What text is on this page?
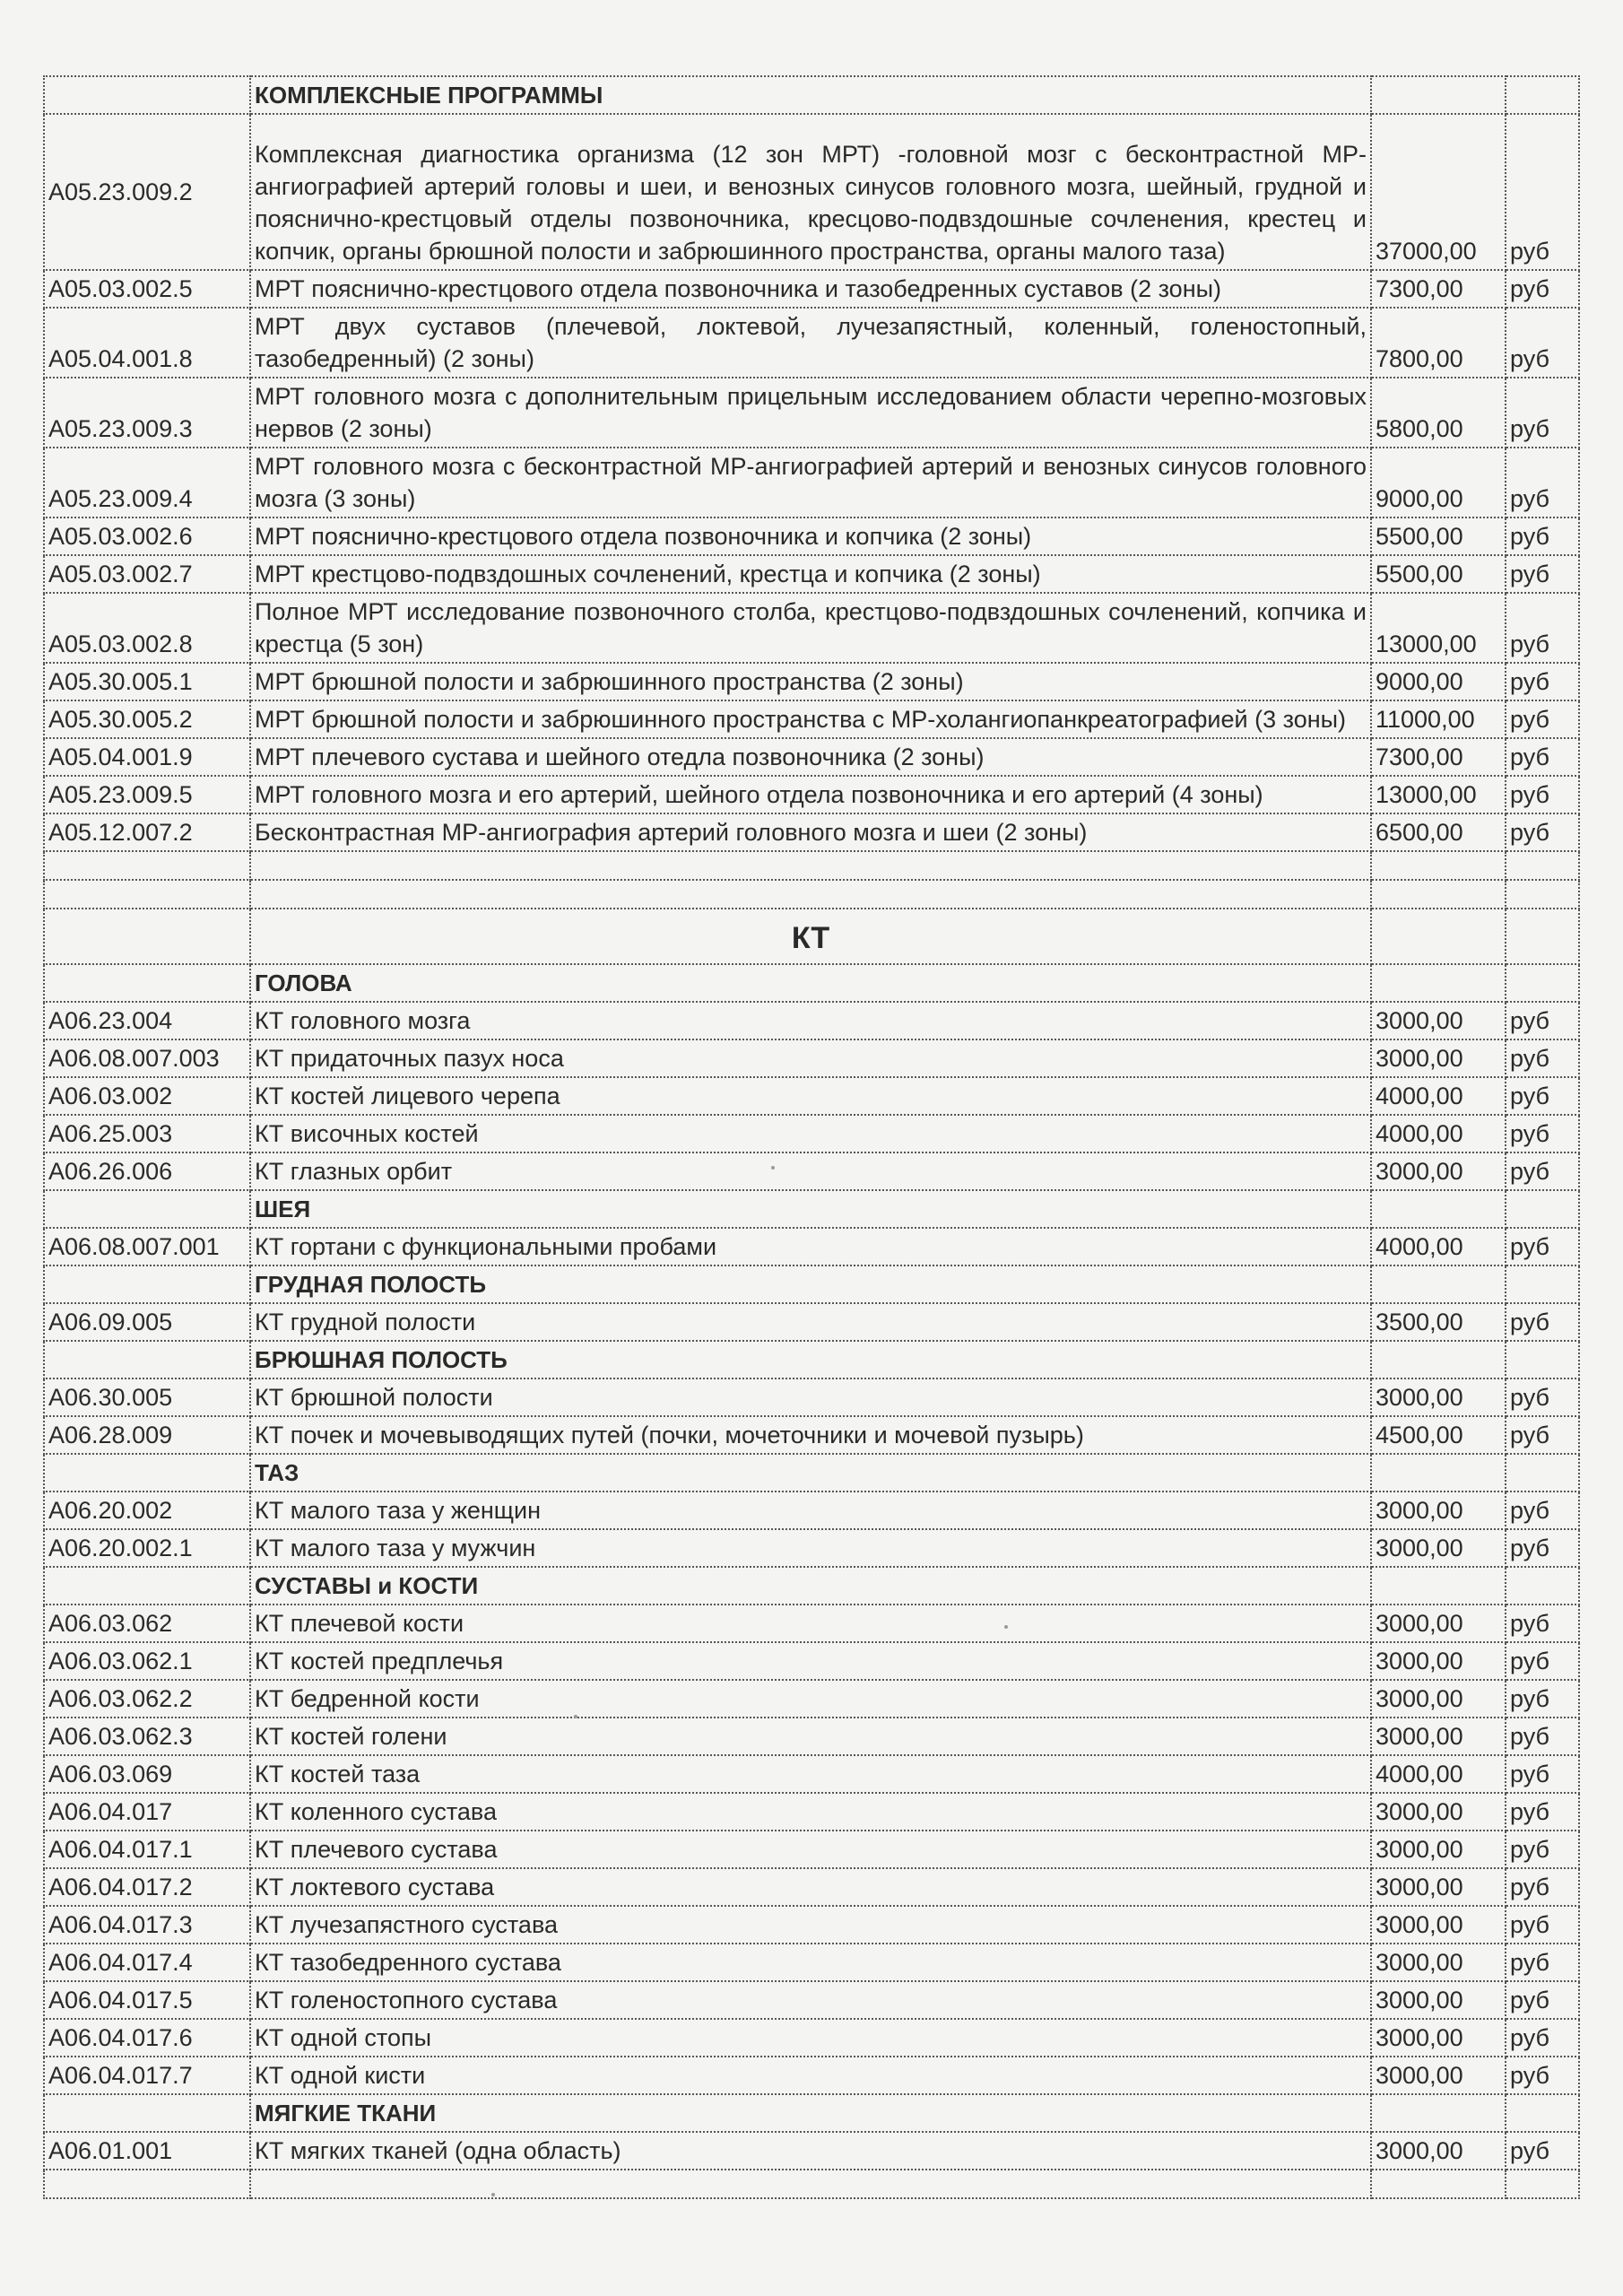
	КОМПЛЕКСНЫЕ ПРОГРАММЫ		
A05.23.009.2	Комплексная диагностика организма (12 зон МРТ) -головной мозг с бесконтрастной МР-ангиографией артерий головы и шеи, и венозных синусов головного мозга, шейный, грудной и пояснично-крестцовый отделы позвоночника, кресцово-подвздошные сочленения, крестец и копчик, органы брюшной полости и забрюшинного пространства, органы малого таза)	37000,00	руб
A05.03.002.5	МРТ пояснично-крестцового отдела позвоночника и тазобедренных суставов (2 зоны)	7300,00	руб
A05.04.001.8	МРТ двух суставов (плечевой, локтевой, лучезапястный, коленный, голеностопный, тазобедренный) (2 зоны)	7800,00	руб
A05.23.009.3	МРТ головного мозга с дополнительным прицельным исследованием области черепно-мозговых нервов (2 зоны)	5800,00	руб
A05.23.009.4	МРТ головного мозга с бесконтрастной МР-ангиографией артерий и венозных синусов головного мозга (3 зоны)	9000,00	руб
A05.03.002.6	МРТ пояснично-крестцового отдела позвоночника и копчика (2 зоны)	5500,00	руб
A05.03.002.7	МРТ крестцово-подвздошных сочленений, крестца и копчика (2 зоны)	5500,00	руб
A05.03.002.8	Полное МРТ исследование позвоночного столба, крестцово-подвздошных сочленений, копчика и крестца (5 зон)	13000,00	руб
A05.30.005.1	МРТ брюшной полости и забрюшинного пространства (2 зоны)	9000,00	руб
A05.30.005.2	МРТ брюшной полости и забрюшинного пространства с МР-холангиопанкреатографией (3 зоны)	11000,00	руб
A05.04.001.9	МРТ плечевого сустава и шейного отедла позвоночника (2 зоны)	7300,00	руб
A05.23.009.5	МРТ головного мозга и его артерий, шейного отдела позвоночника и его артерий (4 зоны)	13000,00	руб
A05.12.007.2	Бесконтрастная МР-ангиография артерий головного мозга и шеи (2 зоны)	6500,00	руб

	КТ		
	ГОЛОВА		
A06.23.004	КТ головного мозга	3000,00	руб
A06.08.007.003	КТ придаточных пазух носа	3000,00	руб
A06.03.002	КТ костей лицевого черепа	4000,00	руб
A06.25.003	КТ височных костей	4000,00	руб
A06.26.006	КТ глазных орбит	3000,00	руб
	ШЕЯ		
A06.08.007.001	КТ гортани с функциональными пробами	4000,00	руб
	ГРУДНАЯ ПОЛОСТЬ		
A06.09.005	КТ грудной полости	3500,00	руб
	БРЮШНАЯ ПОЛОСТЬ		
A06.30.005	КТ брюшной полости	3000,00	руб
A06.28.009	КТ почек и мочевыводящих путей (почки, мочеточники и мочевой пузырь)	4500,00	руб
	ТАЗ		
A06.20.002	КТ малого таза у женщин	3000,00	руб
A06.20.002.1	КТ малого таза у мужчин	3000,00	руб
	СУСТАВЫ и КОСТИ		
A06.03.062	КТ плечевой кости	3000,00	руб
A06.03.062.1	КТ костей предплечья	3000,00	руб
A06.03.062.2	КТ бедренной кости	3000,00	руб
A06.03.062.3	КТ костей голени	3000,00	руб
A06.03.069	КТ костей таза	4000,00	руб
A06.04.017	КТ коленного сустава	3000,00	руб
A06.04.017.1	КТ плечевого сустава	3000,00	руб
A06.04.017.2	КТ локтевого сустава	3000,00	руб
A06.04.017.3	КТ лучезапястного сустава	3000,00	руб
A06.04.017.4	КТ тазобедренного сустава	3000,00	руб
A06.04.017.5	КТ голеностопного сустава	3000,00	руб
A06.04.017.6	КТ одной стопы	3000,00	руб
A06.04.017.7	КТ одной кисти	3000,00	руб
	МЯГКИЕ ТКАНИ		
A06.01.001	КТ мягких тканей (одна область)	3000,00	руб
